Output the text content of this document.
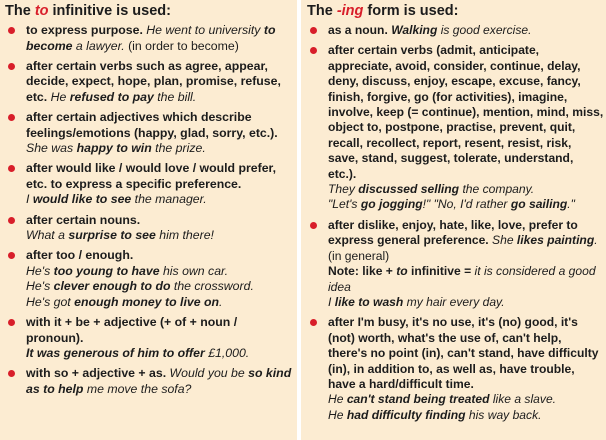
The to infinitive is used:
to express purpose. He went to university to become a lawyer. (in order to become)
after certain verbs such as agree, appear, decide, expect, hope, plan, promise, refuse, etc. He refused to pay the bill.
after certain adjectives which describe feelings/emotions (happy, glad, sorry, etc.). She was happy to win the prize.
after would like / would love / would prefer, etc. to express a specific preference.
I would like to see the manager.
after certain nouns.
What a surprise to see him there!
after too / enough.
He's too young to have his own car.
He's clever enough to do the crossword.
He's got enough money to live on.
with it + be + adjective (+ of + noun / pronoun).
It was generous of him to offer £1,000.
with so + adjective + as. Would you be so kind as to help me move the sofa?
The -ing form is used:
as a noun. Walking is good exercise.
after certain verbs (admit, anticipate, appreciate, avoid, consider, continue, delay, deny, discuss, enjoy, escape, excuse, fancy, finish, forgive, go (for activities), imagine, involve, keep (= continue), mention, mind, miss, object to, postpone, practise, prevent, quit, recall, recollect, report, resent, resist, risk, save, stand, suggest, tolerate, understand, etc.).
They discussed selling the company.
"Let's go jogging!" "No, I'd rather go sailing."
after dislike, enjoy, hate, like, love, prefer to express general preference. She likes painting. (in general)
Note: like + to infinitive = it is considered a good idea
I like to wash my hair every day.
after I'm busy, it's no use, it's (no) good, it's (not) worth, what's the use of, can't help, there's no point (in), can't stand, have difficulty (in), in addition to, as well as, have trouble, have a hard/difficult time.
He can't stand being treated like a slave.
He had difficulty finding his way back.
